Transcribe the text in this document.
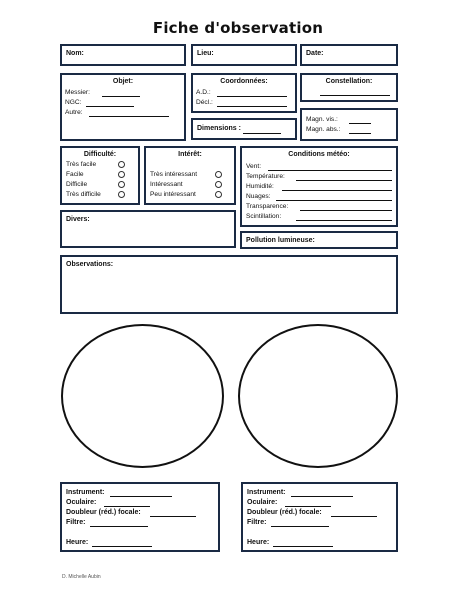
Fiche d'observation
Nom:	Lieu:	Date:
Objet:
Messier:
NGC:
Autre:
Coordonnées:
A.D.:
Décl.:
Constellation:
Dimensions :
Magn. vis.:
Magn. abs.:
Difficulté:
Très facile
Facile
Difficile
Très difficile
Intérêt:
Très intéressant
Intéressant
Peu intéressant
Conditions météo:
Vent:
Température:
Humidité:
Nuages:
Transparence:
Scintillation:
Divers:
Pollution lumineuse:
Observations:
Instrument:
Oculaire:
Doubleur (réd.) focale:
Filtre:
Heure:
Instrument:
Oculaire:
Doubleur (réd.) focale:
Filtre:
Heure:
D. Michelle Aubin
